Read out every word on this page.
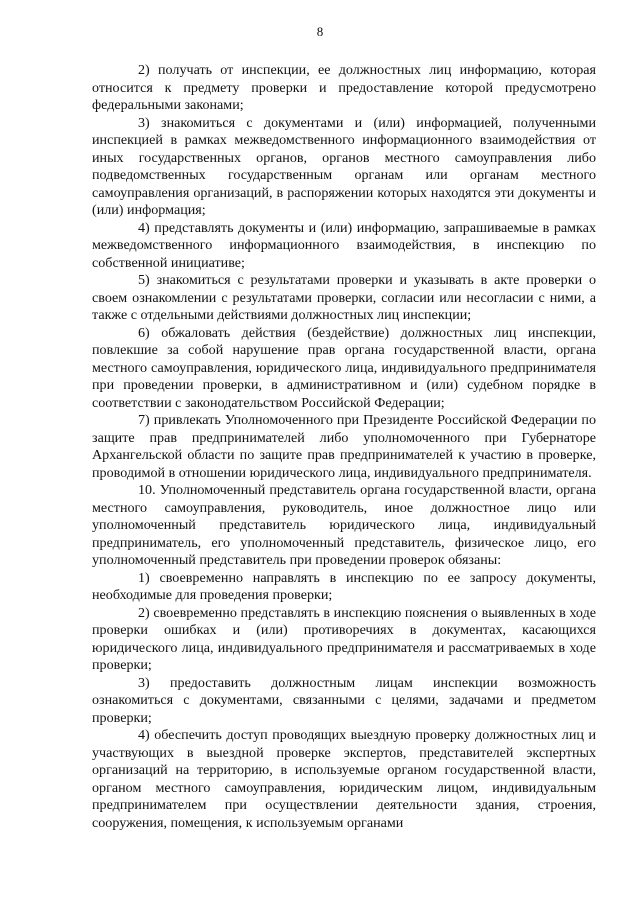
8

2) получать от инспекции, ее должностных лиц информацию, которая относится к предмету проверки и предоставление которой предусмотрено федеральными законами;

3) знакомиться с документами и (или) информацией, полученными инспекцией в рамках межведомственного информационного взаимодействия от иных государственных органов, органов местного самоуправления либо подведомственных государственным органам или органам местного самоуправления организаций, в распоряжении которых находятся эти документы и (или) информация;

4) представлять документы и (или) информацию, запрашиваемые в рамках межведомственного информационного взаимодействия, в инспекцию по собственной инициативе;

5) знакомиться с результатами проверки и указывать в акте проверки о своем ознакомлении с результатами проверки, согласии или несогласии с ними, а также с отдельными действиями должностных лиц инспекции;

6) обжаловать действия (бездействие) должностных лиц инспекции, повлекшие за собой нарушение прав органа государственной власти, органа местного самоуправления, юридического лица, индивидуального предпринимателя при проведении проверки, в административном и (или) судебном порядке в соответствии с законодательством Российской Федерации;

7) привлекать Уполномоченного при Президенте Российской Федерации по защите прав предпринимателей либо уполномоченного при Губернаторе Архангельской области по защите прав предпринимателей к участию в проверке, проводимой в отношении юридического лица, индивидуального предпринимателя.

10. Уполномоченный представитель органа государственной власти, органа местного самоуправления, руководитель, иное должностное лицо или уполномоченный представитель юридического лица, индивидуальный предприниматель, его уполномоченный представитель, физическое лицо, его уполномоченный представитель при проведении проверок обязаны:

1) своевременно направлять в инспекцию по ее запросу документы, необходимые для проведения проверки;

2) своевременно представлять в инспекцию пояснения о выявленных в ходе проверки ошибках и (или) противоречиях в документах, касающихся юридического лица, индивидуального предпринимателя и рассматриваемых в ходе проверки;

3) предоставить должностным лицам инспекции возможность ознакомиться с документами, связанными с целями, задачами и предметом проверки;

4) обеспечить доступ проводящих выездную проверку должностных лиц и участвующих в выездной проверке экспертов, представителей экспертных организаций на территорию, в используемые органом государственной власти, органом местного самоуправления, юридическим лицом, индивидуальным предпринимателем при осуществлении деятельности здания, строения, сооружения, помещения, к используемым органами
